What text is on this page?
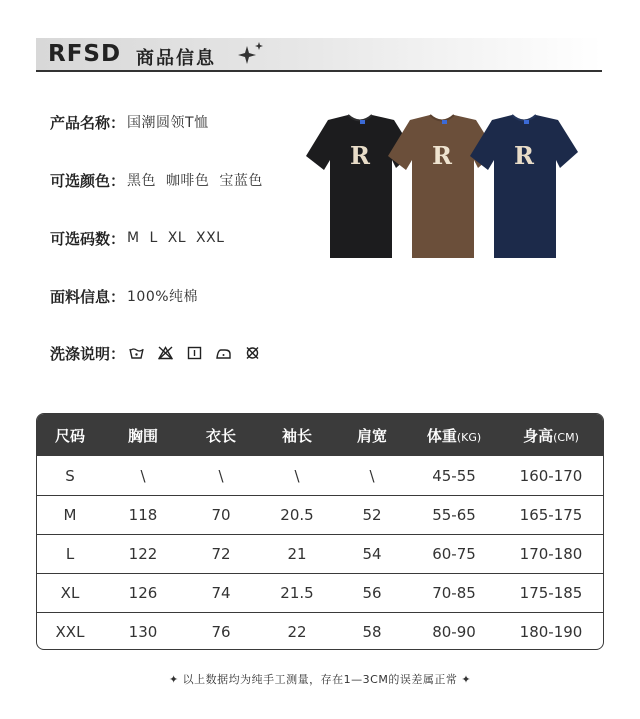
RFSD 商品信息
产品名称： 国潮圆领T恤
可选颜色： 黑色  咖啡色  宝蓝色
可选码数： M  L  XL  XXL
面料信息： 100%纯棉
洗涤说明：
R	R	R
尺码	胸围	衣长	袖长	肩宽	体重(KG)	身高(CM)
S	\	\	\	\	45-55	160-170
M	118	70	20.5	52	55-65	165-175
L	122	72	21	54	60-75	170-180
XL	126	74	21.5	56	70-85	175-185
XXL	130	76	22	58	80-90	180-190
✦ 以上数据均为纯手工测量，存在1—3CM的误差属正常 ✦
